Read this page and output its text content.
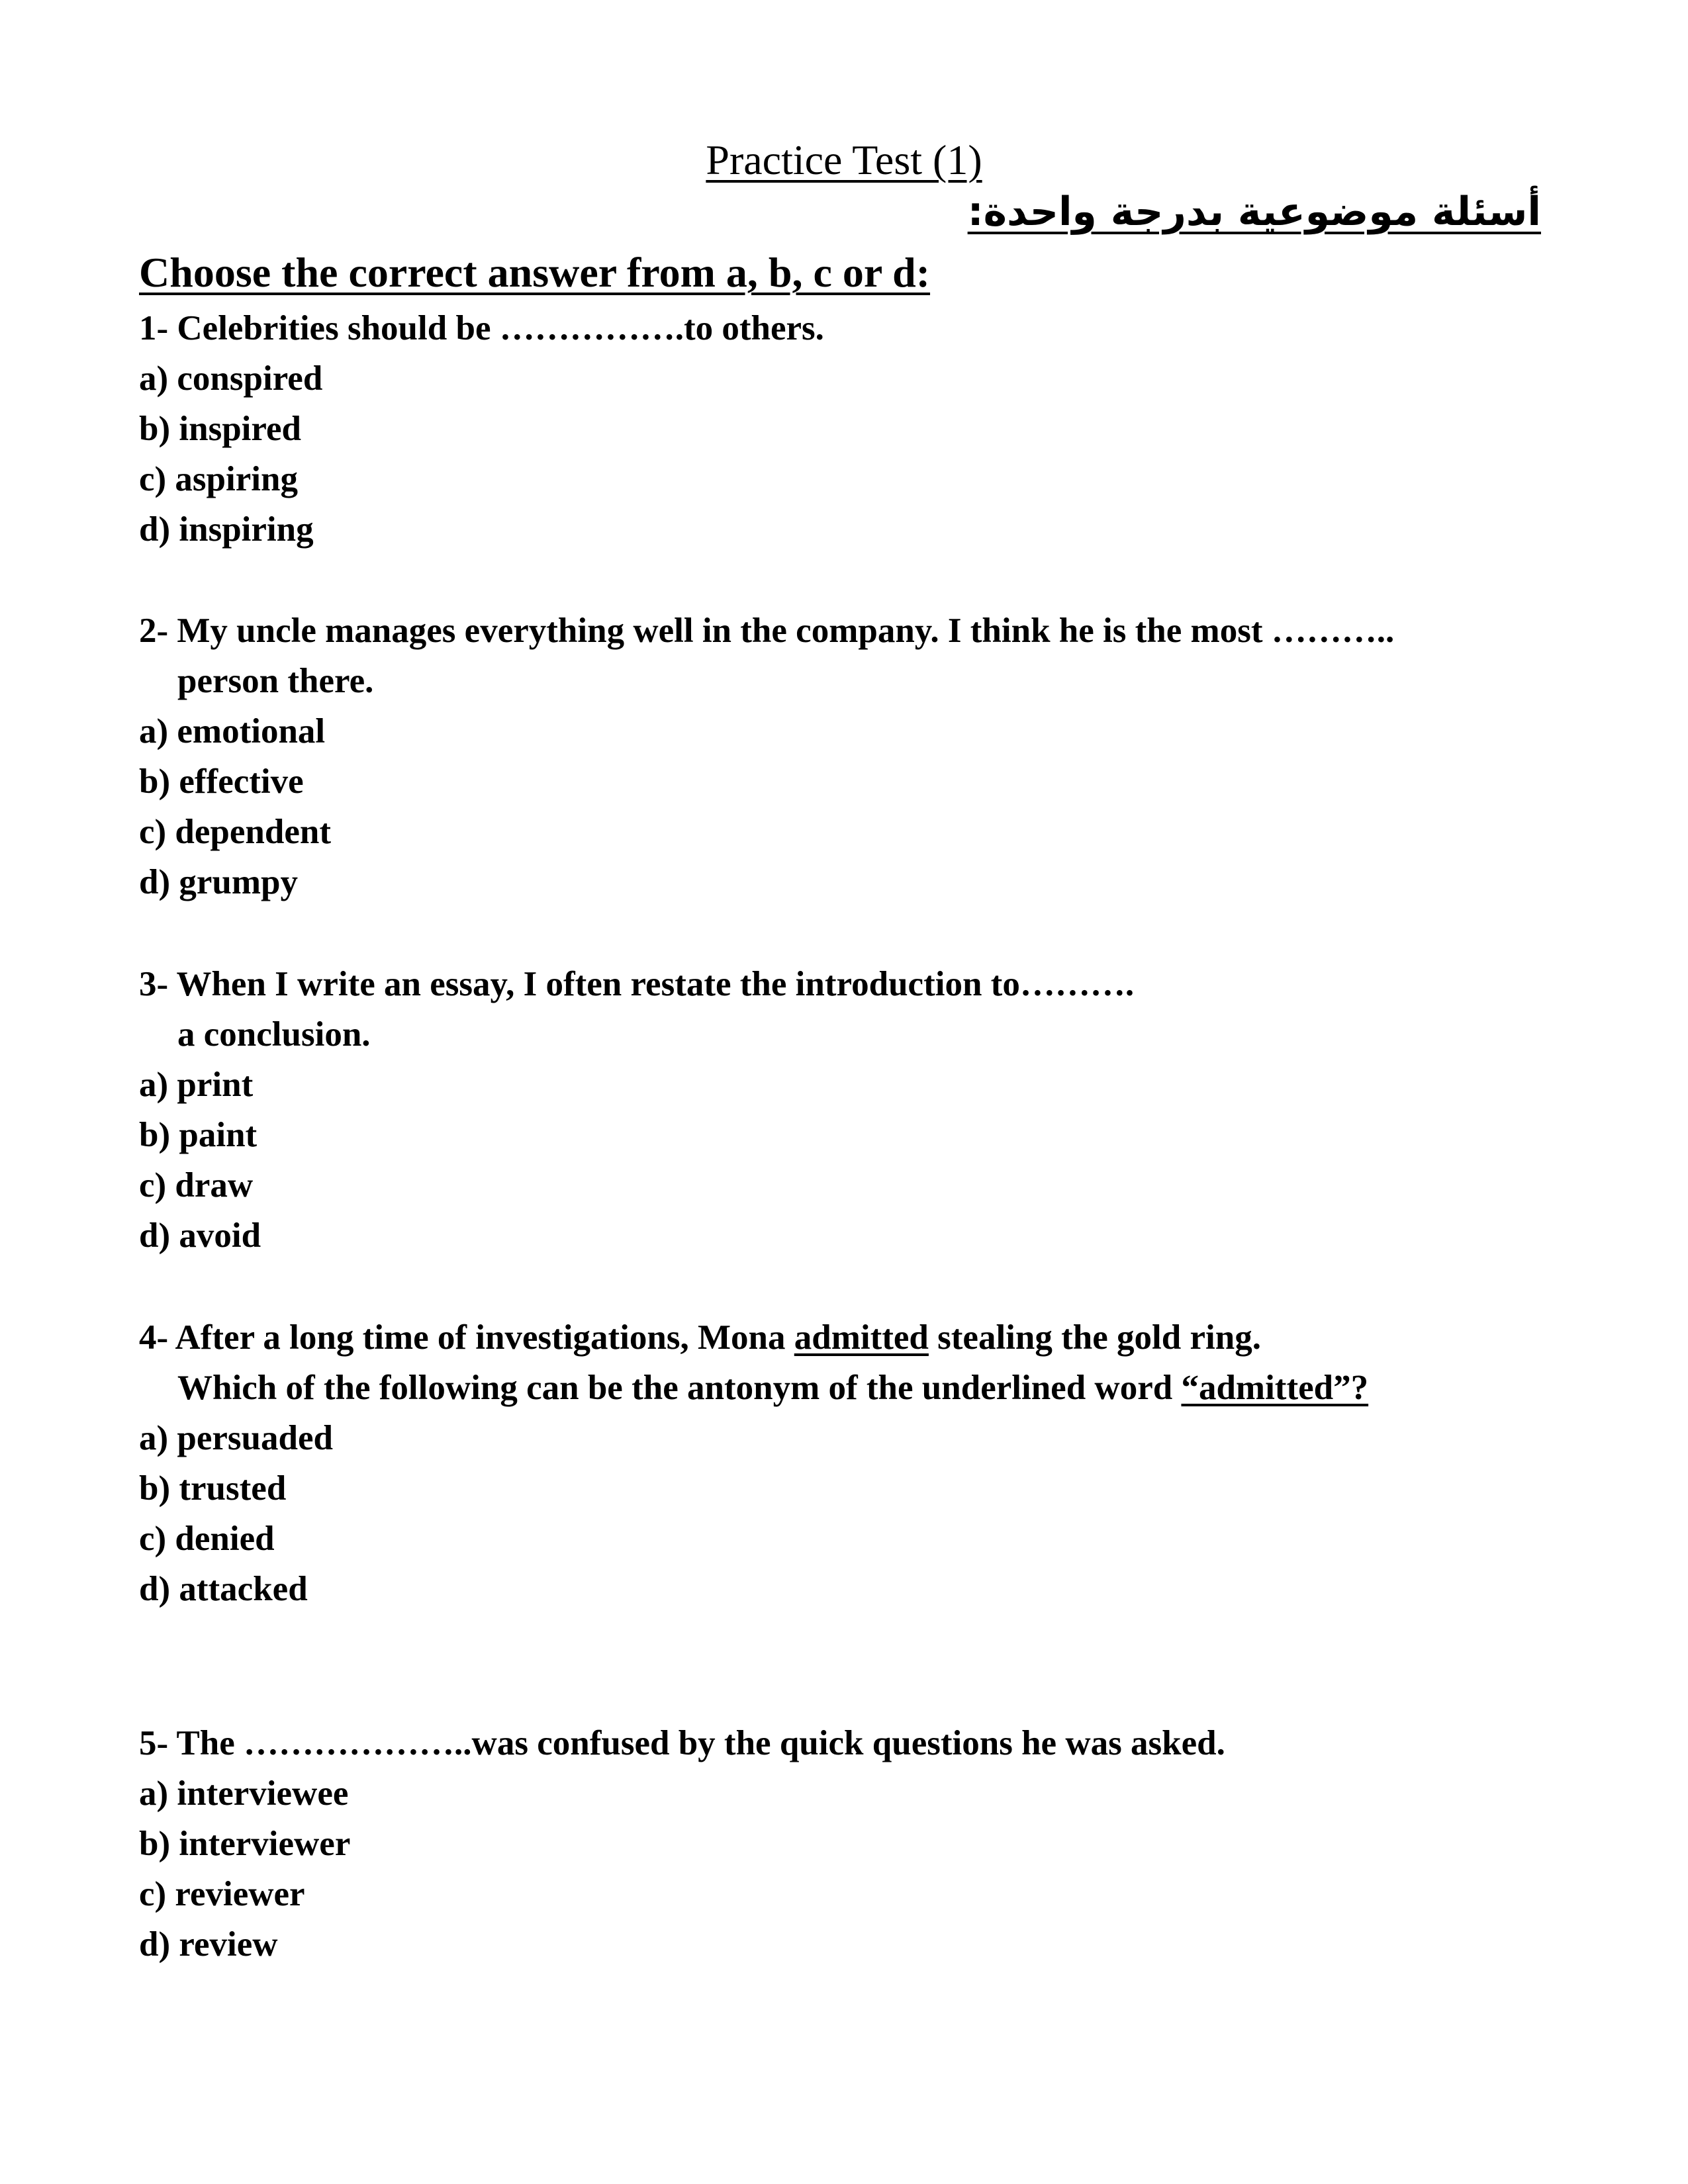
Practice Test (1)
أسئلة موضوعية بدرجة واحدة:
Choose the correct answer from a, b, c or d:
1- Celebrities should be …………….to others.
a) conspired
b) inspired
c) aspiring
d) inspiring
2- My uncle manages everything well in the company. I think he is the most ………..
person there.
a) emotional
b) effective
c) dependent
d) grumpy
3- When I write an essay, I often restate the introduction to……….
a conclusion.
a) print
b) paint
c) draw
d) avoid
4- After a long time of investigations, Mona admitted stealing the gold ring.
Which of the following can be the antonym of the underlined word “admitted”?
a) persuaded
b) trusted
c) denied
d) attacked
5- The ………………..was confused by the quick questions he was asked.
a) interviewee
b) interviewer
c) reviewer
d) review
